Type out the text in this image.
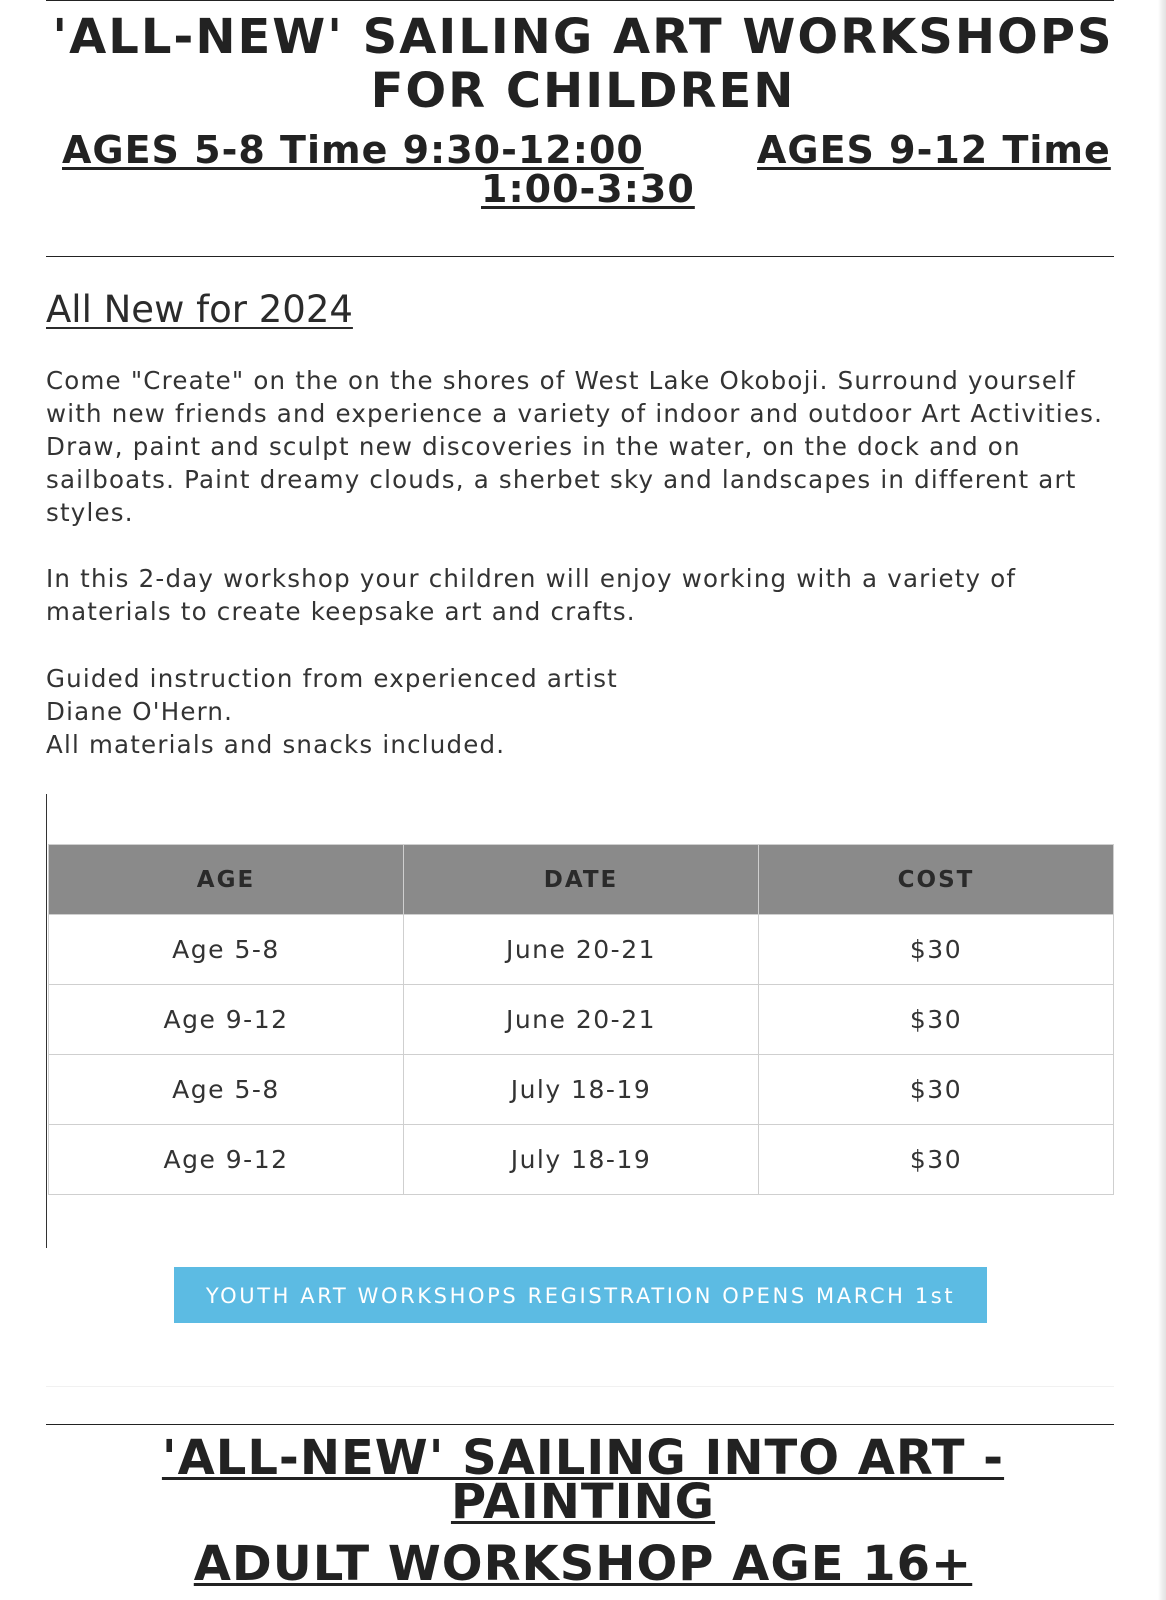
'ALL-NEW' SAILING ART WORKSHOPS FOR CHILDREN
AGES 5-8 Time 9:30-12:00	AGES 9-12 Time
1:00-3:30
All New for 2024

Come "Create" on the on the shores of West Lake Okoboji. Surround yourself with new friends and experience a variety of indoor and outdoor Art Activities. Draw, paint and sculpt new discoveries in the water, on the dock and on sailboats. Paint dreamy clouds, a sherbet sky and landscapes in different art styles.

In this 2-day workshop your children will enjoy working with a variety of materials to create keepsake art and crafts.

Guided instruction from experienced artist
Diane O'Hern.
All materials and snacks included.

AGE	DATE	COST
Age 5-8	June 20-21	$30
Age 9-12	June 20-21	$30
Age 5-8	July 18-19	$30
Age 9-12	July 18-19	$30
YOUTH ART WORKSHOPS REGISTRATION OPENS MARCH 1st
'ALL-NEW' SAILING INTO ART - PAINTING
ADULT WORKSHOP AGE 16+
